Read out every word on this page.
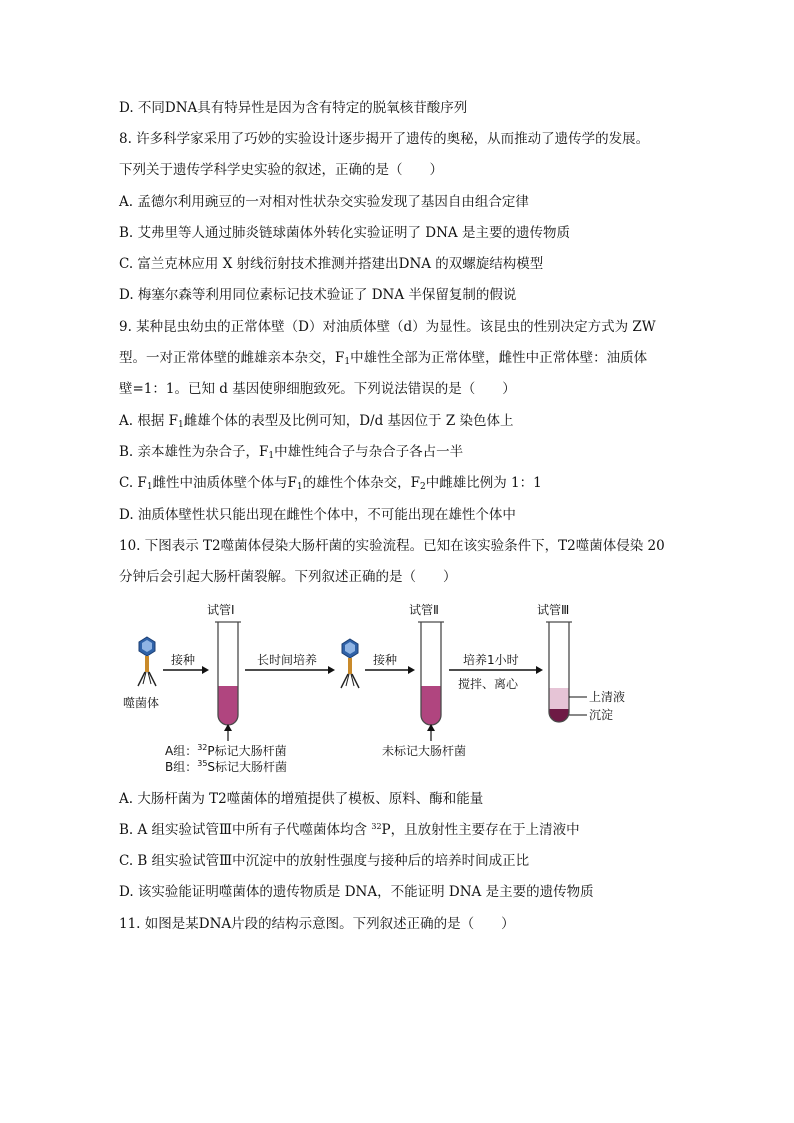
D. 不同DNA具有特异性是因为含有特定的脱氧核苷酸序列
8. 许多科学家采用了巧妙的实验设计逐步揭开了遗传的奥秘，从而推动了遗传学的发展。
下列关于遗传学科学史实验的叙述，正确的是（　　）
A. 孟德尔利用豌豆的一对相对性状杂交实验发现了基因自由组合定律
B. 艾弗里等人通过肺炎链球菌体外转化实验证明了 DNA 是主要的遗传物质
C. 富兰克林应用 X 射线衍射技术推测并搭建出DNA 的双螺旋结构模型
D. 梅塞尔森等利用同位素标记技术验证了 DNA 半保留复制的假说
9. 某种昆虫幼虫的正常体壁（D）对油质体壁（d）为显性。该昆虫的性别决定方式为 ZW
型。一对正常体壁的雌雄亲本杂交，$F_1$中雄性全部为正常体壁，雌性中正常体壁：油质体
壁=1：1。已知 d 基因使卵细胞致死。下列说法错误的是（　　）
A. 根据 $F_1$雌雄个体的表型及比例可知，D/d 基因位于 Z 染色体上
B. 亲本雄性为杂合子，$F_1$中雄性纯合子与杂合子各占一半
C. $F_1$雌性中油质体壁个体与$F_1$的雄性个体杂交，$F_2$中雌雄比例为 1：1
D. 油质体壁性状只能出现在雌性个体中，不可能出现在雄性个体中
10. 下图表示 T2噬菌体侵染大肠杆菌的实验流程。已知在该实验条件下，T2噬菌体侵染 20
分钟后会引起大肠杆菌裂解。下列叙述正确的是（　　）
试管Ⅰ	试管Ⅱ	试管Ⅲ
噬菌体
接种	长时间培养	接种	培养1小时
搅拌、离心
上清液
沉淀
A组：$^{32}$P标记大肠杆菌
B组：$^{35}$S标记大肠杆菌
未标记大肠杆菌
A. 大肠杆菌为 T2噬菌体的增殖提供了模板、原料、酶和能量
B. A 组实验试管Ⅲ中所有子代噬菌体均含 $^{32}$P，且放射性主要存在于上清液中
C. B 组实验试管Ⅲ中沉淀中的放射性强度与接种后的培养时间成正比
D. 该实验能证明噬菌体的遗传物质是 DNA，不能证明 DNA 是主要的遗传物质
11. 如图是某DNA片段的结构示意图。下列叙述正确的是（　　）
